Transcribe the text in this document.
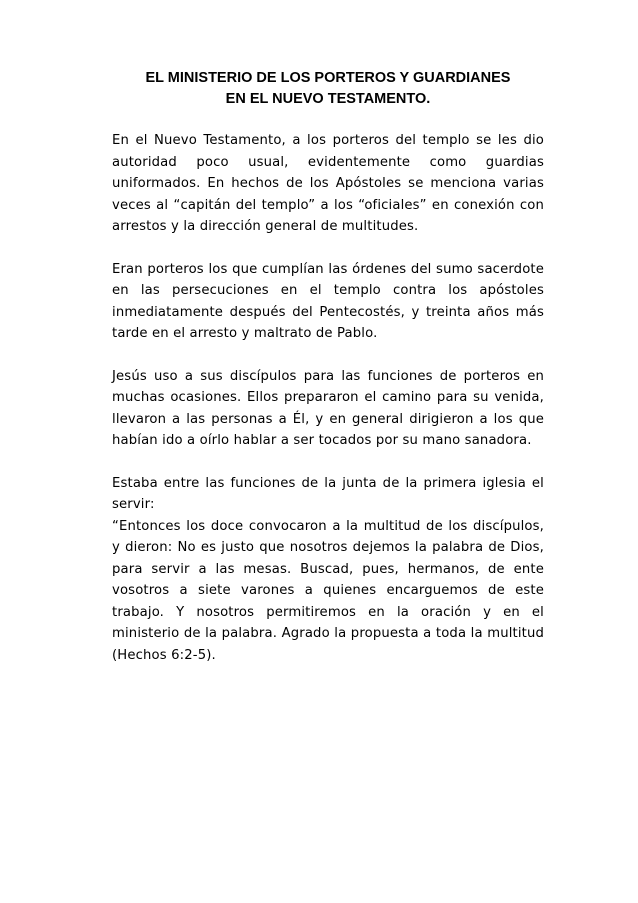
EL MINISTERIO DE LOS PORTEROS Y GUARDIANES
EN EL NUEVO TESTAMENTO.

En el Nuevo Testamento, a los porteros del templo se les dio autoridad poco usual, evidentemente como guardias uniformados. En hechos de los Apóstoles se menciona varias veces al “capitán del templo” a los “oficiales” en conexión con arrestos y la dirección general de multitudes.

Eran porteros los que cumplían las órdenes del sumo sacerdote en las persecuciones en el templo contra los apóstoles inmediatamente después del Pentecostés, y treinta años más tarde en el arresto y maltrato de Pablo.

Jesús uso a sus discípulos para las funciones de porteros en muchas ocasiones. Ellos prepararon el camino para su venida, llevaron a las personas a Él, y en general dirigieron a los que habían ido a oírlo hablar a ser tocados por su mano sanadora.

Estaba entre las funciones de la junta de la primera iglesia el servir:

“Entonces los doce convocaron a la multitud de los discípulos, y dieron: No es justo que nosotros dejemos la palabra de Dios, para servir a las mesas. Buscad, pues, hermanos, de ente vosotros a siete varones a quienes encarguemos de este trabajo. Y nosotros permitiremos en la oración y en el ministerio de la palabra. Agrado la propuesta a toda la multitud (Hechos 6:2-5).
